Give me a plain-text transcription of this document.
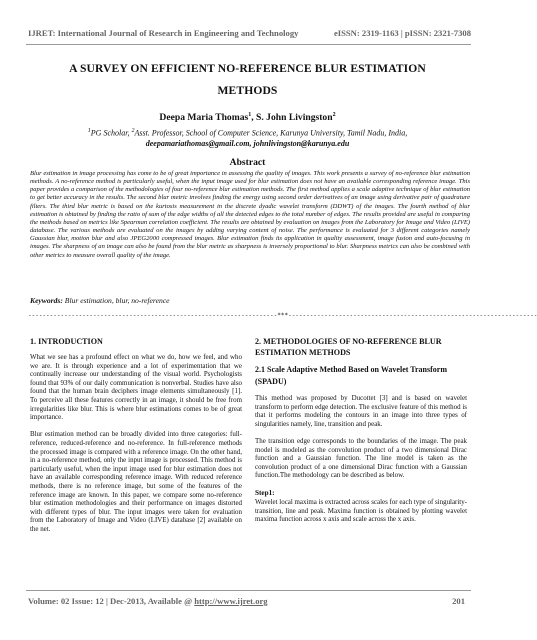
IJRET: International Journal of Research in Engineering and Technology	eISSN: 2319-1163 | pISSN: 2321-7308
A SURVEY ON EFFICIENT NO-REFERENCE BLUR ESTIMATION
METHODS
Deepa Maria Thomas$^1$, S. John Livingston$^2$
$^1$PG Scholar, $^2$Asst. Professor, School of Computer Science, Karunya University, Tamil Nadu, India,
deepamariathomas@gmail.com, johnlivingston@karunya.edu
Abstract
Blur estimation in image processing has come to be of great importance in assessing the quality of images. This work presents a survey of no-reference blur estimation methods. A no-reference method is particularly useful, when the input image used for blur estimation does not have an available corresponding reference image. This paper provides a comparison of the methodologies of four no-reference blur estimation methods. The first method applies a scale adaptive technique of blur estimation to get better accuracy in the results. The second blur metric involves finding the energy using second order derivatives of an image using derivative pair of quadrature filters. The third blur metric is based on the kurtosis measurement in the discrete dyadic wavelet transform (DDWT) of the images. The fourth method of blur estimation is obtained by finding the ratio of sum of the edge widths of all the detected edges to the total number of edges. The results provided are useful in comparing the methods based on metrics like Spearman correlation coefficient. The results are obtained by evaluation on images from the Laboratory for Image and Video (LIVE) database. The various methods are evaluated on the images by adding varying content of noise. The performance is evaluated for 3 different categories namely Gaussian blur, motion blur and also JPEG2000 compressed images. Blur estimation finds its application in quality assessment, image fusion and auto-focusing in images. The sharpness of an image can also be found from the blur metric as sharpness is inversely proportional to blur. Sharpness metrics can also be combined with other metrics to measure overall quality of the image.
Keywords: Blur estimation, blur, no-reference
---------------------------------------------------------------------***---------------------------------------------------------------------
1. INTRODUCTION
What we see has a profound effect on what we do, how we feel, and who we are. It is through experience and a lot of experimentation that we continually increase our understanding of the visual world. Psychologists found that 93% of our daily communication is nonverbal. Studies have also found that the human brain deciphers image elements simultaneously [1]. To perceive all these features correctly in an image, it should be free from irregularities like blur. This is where blur estimations comes to be of great importance.
Blur estimation method can be broadly divided into three categories: full-reference, reduced-reference and no-reference. In full-reference methods the processed image is compared with a reference image. On the other hand, in a no-reference method, only the input image is processed. This method is particularly useful, when the input image used for blur estimation does not have an available corresponding reference image. With reduced reference methods, there is no reference image, but some of the features of the reference image are known. In this paper, we compare some no-reference blur estimation methodologies and their performance on images distorted with different types of blur. The input images were taken for evaluation from the Laboratory of Image and Video (LIVE) database [2] available on the net.
2. METHODOLOGIES OF NO-REFERENCE BLUR ESTIMATION METHODS
2.1 Scale Adaptive Method Based on Wavelet Transform (SPADU)
This method was proposed by Ducottet [3] and is based on wavelet transform to perform edge detection. The exclusive feature of this method is that it performs modeling the contours in an image into three types of singularities namely, line, transition and peak.
The transition edge corresponds to the boundaries of the image. The peak model is modeled as the convolution product of a two dimensional Dirac function and a Gaussian function. The line model is taken as the convolution product of a one dimensional Dirac function with a Gaussian function.The methodology can be described as below.
Step1:
Wavelet local maxima is extracted across scales for each type of singularity-transition, line and peak. Maxima function is obtained by plotting wavelet maxima function across x axis and scale across the x axis.
Volume: 02 Issue: 12 | Dec-2013, Available @ http://www.ijret.org	201
